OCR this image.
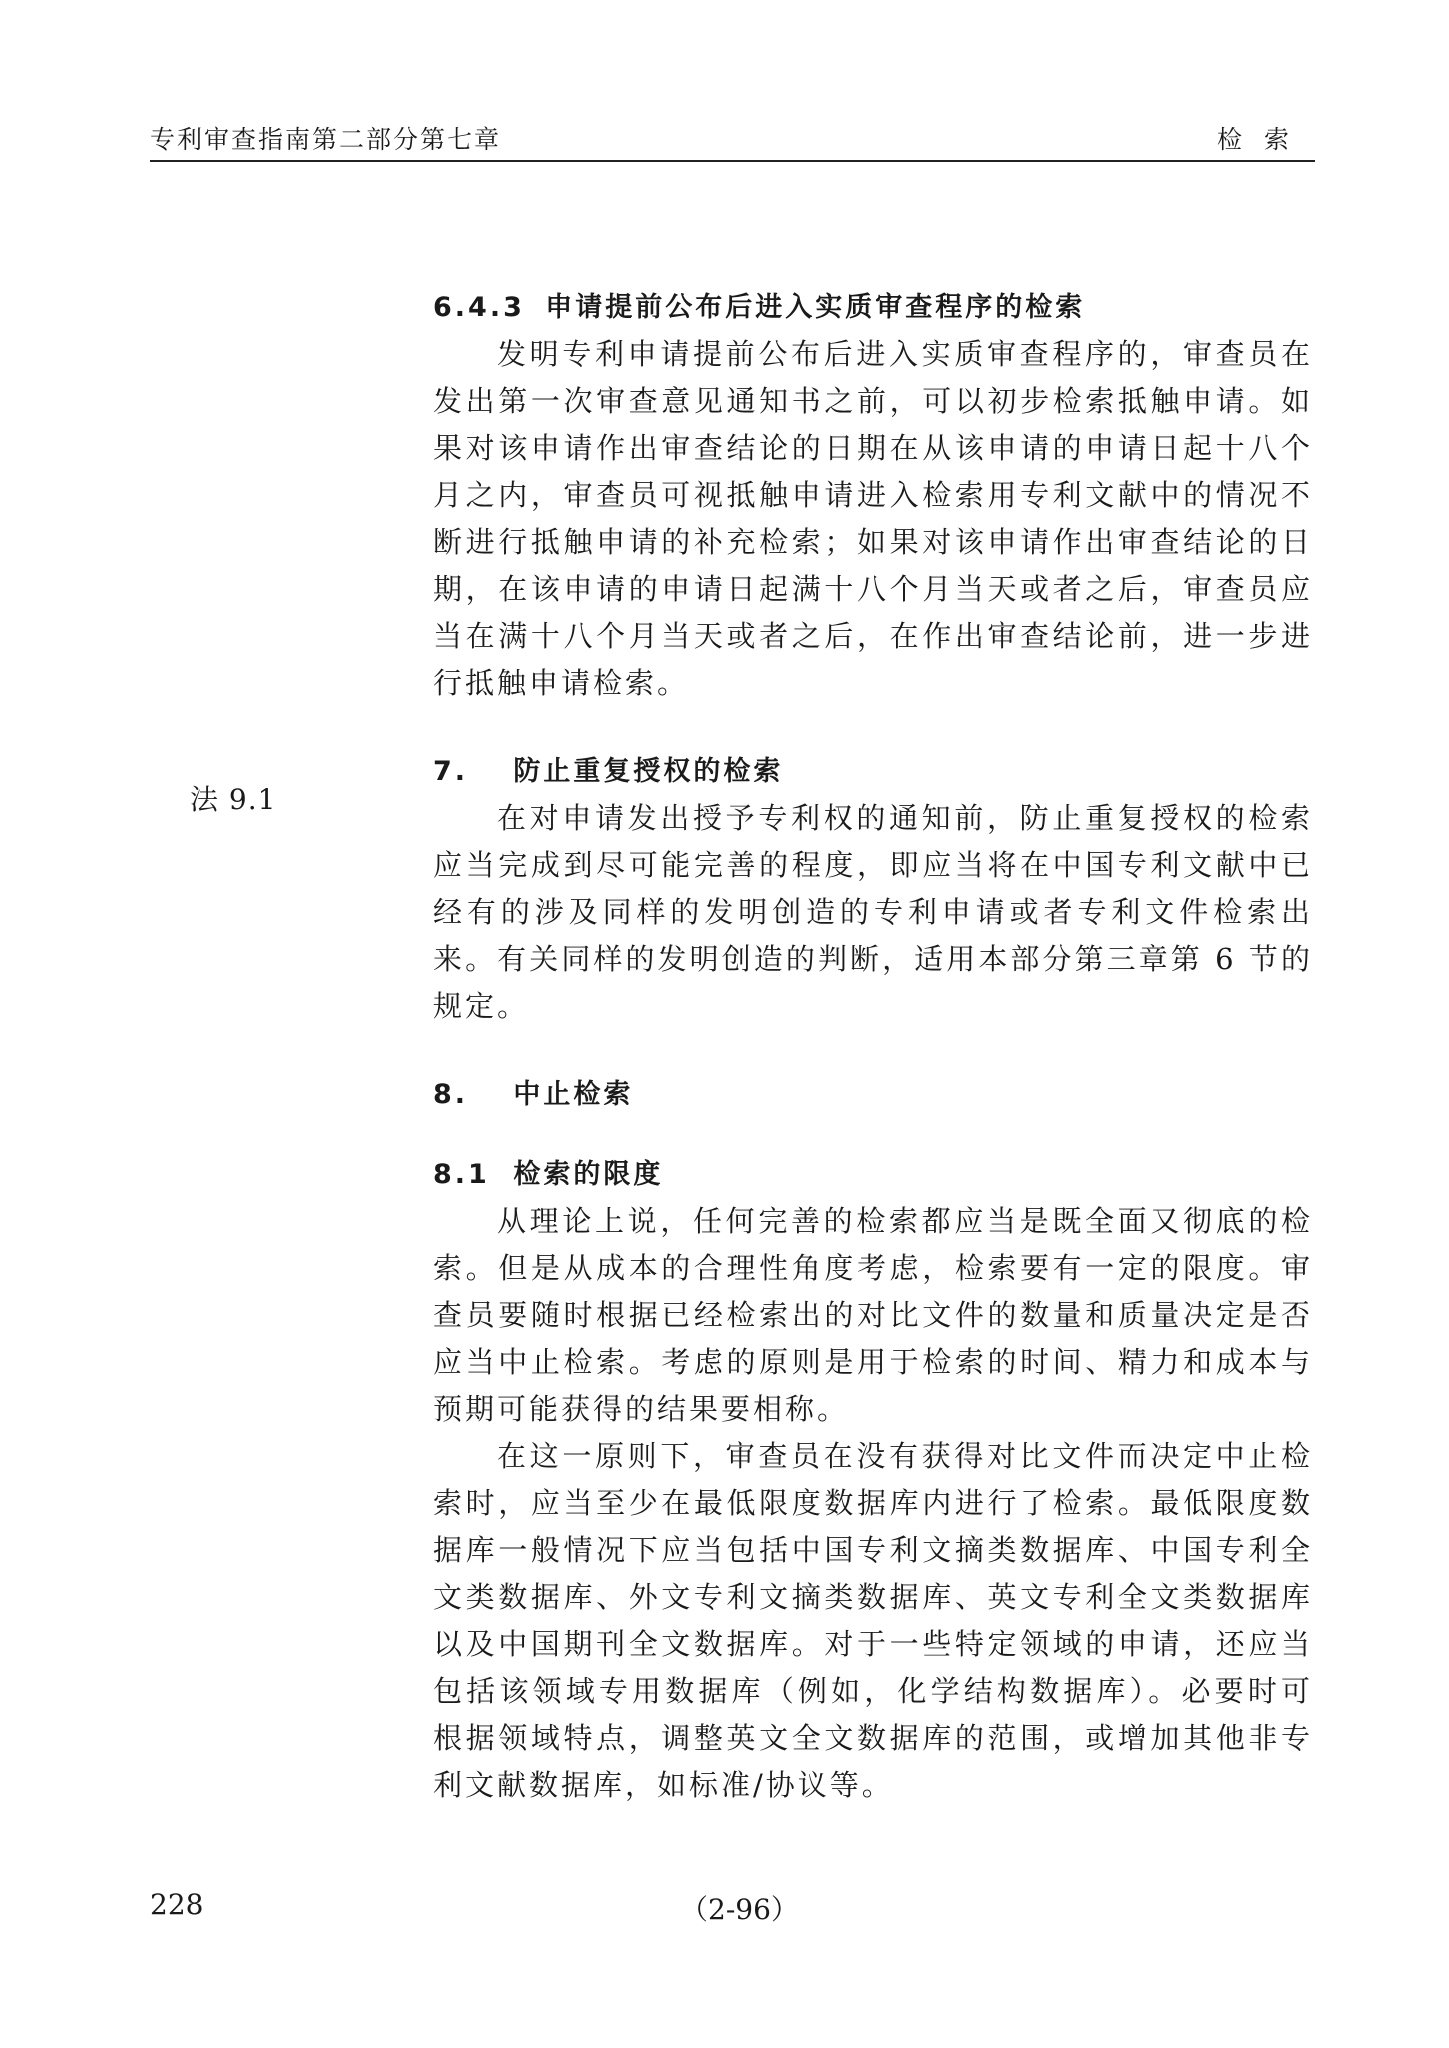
专利审查指南第二部分第七章	检索
法 9.1
6.4.3 申请提前公布后进入实质审查程序的检索

发明专利申请提前公布后进入实质审查程序的，审查员在发出第一次审查意见通知书之前，可以初步检索抵触申请。如果对该申请作出审查结论的日期在从该申请的申请日起十八个月之内，审查员可视抵触申请进入检索用专利文献中的情况不断进行抵触申请的补充检索；如果对该申请作出审查结论的日期，在该申请的申请日起满十八个月当天或者之后，审查员应当在满十八个月当天或者之后，在作出审查结论前，进一步进行抵触申请检索。

7. 防止重复授权的检索

在对申请发出授予专利权的通知前，防止重复授权的检索应当完成到尽可能完善的程度，即应当将在中国专利文献中已经有的涉及同样的发明创造的专利申请或者专利文件检索出来。有关同样的发明创造的判断，适用本部分第三章第 6 节的规定。

8. 中止检索
8.1 检索的限度

从理论上说，任何完善的检索都应当是既全面又彻底的检索。但是从成本的合理性角度考虑，检索要有一定的限度。审查员要随时根据已经检索出的对比文件的数量和质量决定是否应当中止检索。考虑的原则是用于检索的时间、精力和成本与预期可能获得的结果要相称。

在这一原则下，审查员在没有获得对比文件而决定中止检索时，应当至少在最低限度数据库内进行了检索。最低限度数据库一般情况下应当包括中国专利文摘类数据库、中国专利全文类数据库、外文专利文摘类数据库、英文专利全文类数据库以及中国期刊全文数据库。对于一些特定领域的申请，还应当包括该领域专用数据库（例如，化学结构数据库）。必要时可根据领域特点，调整英文全文数据库的范围，或增加其他非专利文献数据库，如标准/协议等。

228	（2-96）
